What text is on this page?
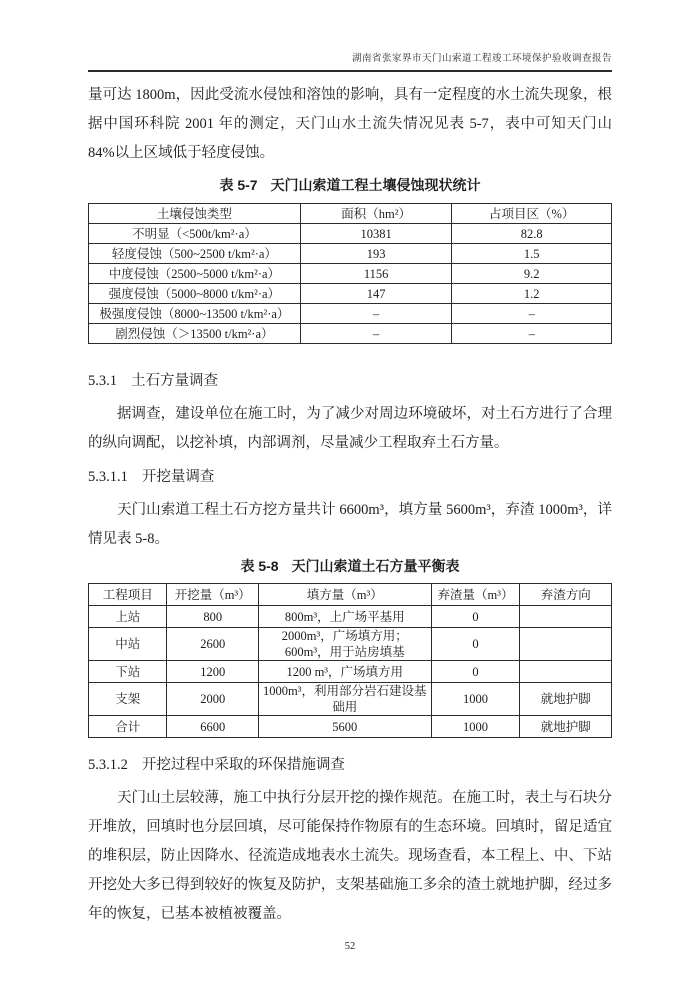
湖南省张家界市天门山索道工程竣工环境保护验收调查报告

量可达 1800m，因此受流水侵蚀和溶蚀的影响，具有一定程度的水土流失现象，根据中国环科院 2001 年的测定，天门山水土流失情况见表 5-7，表中可知天门山 84%以上区域低于轻度侵蚀。

表 5-7 天门山索道工程土壤侵蚀现状统计

土壤侵蚀类型	面积（hm²）	占项目区（%）
不明显（<500t/km²·a）	10381	82.8
轻度侵蚀（500~2500 t/km²·a）	193	1.5
中度侵蚀（2500~5000 t/km²·a）	1156	9.2
强度侵蚀（5000~8000 t/km²·a）	147	1.2
极强度侵蚀（8000~13500 t/km²·a）	–	–
剧烈侵蚀（＞13500 t/km²·a）	–	–
5.3.1 土石方量调查

据调查，建设单位在施工时，为了减少对周边环境破坏，对土石方进行了合理的纵向调配，以挖补填，内部调剂，尽量减少工程取弃土石方量。

5.3.1.1 开挖量调查

天门山索道工程土石方挖方量共计 6600m³，填方量 5600m³，弃渣 1000m³，详情见表 5-8。

表 5-8 天门山索道土石方量平衡表

工程项目	开挖量（m³）	填方量（m³）	弃渣量（m³）	弃渣方向
上站	800	800m³，上广场平基用	0	
中站	2600	2000m³，广场填方用；600m³，用于站房填基	0	
下站	1200	1200 m³，广场填方用	0	
支架	2000	1000m³，利用部分岩石建设基础用	1000	就地护脚
合计	6600	5600	1000	就地护脚
5.3.1.2 开挖过程中采取的环保措施调查

天门山土层较薄，施工中执行分层开挖的操作规范。在施工时，表土与石块分开堆放，回填时也分层回填，尽可能保持作物原有的生态环境。回填时，留足适宜的堆积层，防止因降水、径流造成地表水土流失。现场查看，本工程上、中、下站开挖处大多已得到较好的恢复及防护，支架基础施工多余的渣土就地护脚，经过多年的恢复，已基本被植被覆盖。

52
